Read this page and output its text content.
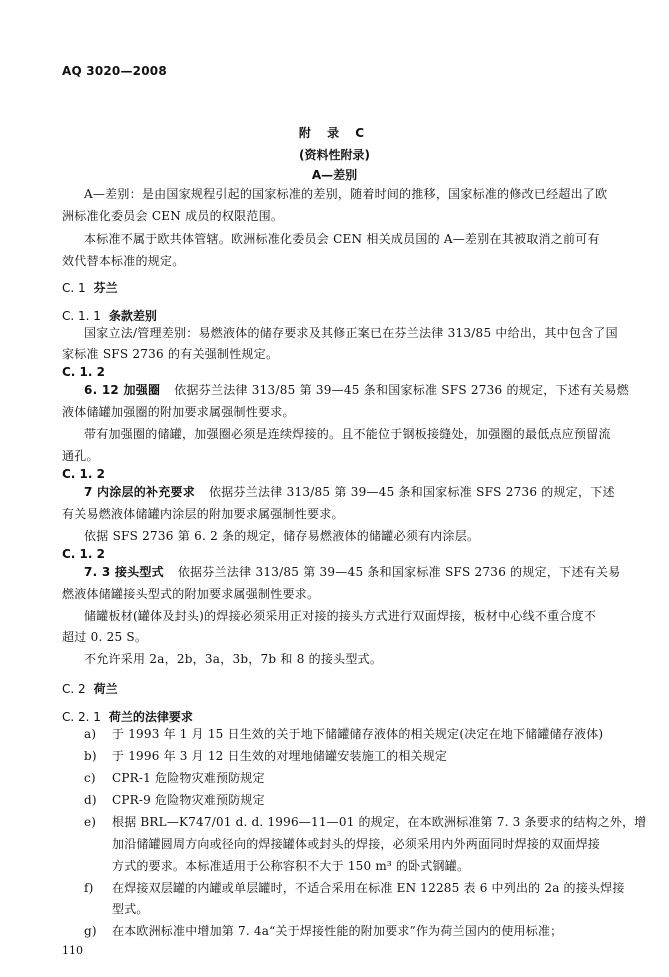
AQ 3020—2008
附 录 C
(资料性附录)
A—差别
A—差别：是由国家规程引起的国家标准的差别，随着时间的推移，国家标准的修改已经超出了欧
洲标准化委员会 CEN 成员的权限范围。
本标准不属于欧共体管辖。欧洲标准化委员会 CEN 相关成员国的 A—差别在其被取消之前可有
效代替本标准的规定。
C. 1 芬兰
C. 1. 1 条款差别
国家立法/管理差别：易燃液体的储存要求及其修正案已在芬兰法律 313/85 中给出，其中包含了国
家标准 SFS 2736 的有关强制性规定。
C. 1. 2
6. 12 加强圈 依据芬兰法律 313/85 第 39—45 条和国家标准 SFS 2736 的规定，下述有关易燃
液体储罐加强圈的附加要求属强制性要求。
带有加强圈的储罐，加强圈必须是连续焊接的。且不能位于钢板接缝处，加强圈的最低点应预留流
通孔。
C. 1. 2
7 内涂层的补充要求 依据芬兰法律 313/85 第 39—45 条和国家标准 SFS 2736 的规定，下述
有关易燃液体储罐内涂层的附加要求属强制性要求。
依据 SFS 2736 第 6. 2 条的规定，储存易燃液体的储罐必须有内涂层。
C. 1. 2
7. 3 接头型式 依据芬兰法律 313/85 第 39—45 条和国家标准 SFS 2736 的规定，下述有关易
燃液体储罐接头型式的附加要求属强制性要求。
储罐板材(罐体及封头)的焊接必须采用正对接的接头方式进行双面焊接，板材中心线不重合度不
超过 0. 25 S。
不允许采用 2a，2b，3a，3b，7b 和 8 的接头型式。
C. 2 荷兰
C. 2. 1 荷兰的法律要求
a) 于 1993 年 1 月 15 日生效的关于地下储罐储存液体的相关规定(决定在地下储罐储存液体)
b) 于 1996 年 3 月 12 日生效的对埋地储罐安装施工的相关规定
c) CPR-1 危险物灾难预防规定
d) CPR-9 危险物灾难预防规定
e) 根据 BRL—K747/01 d. d. 1996—11—01 的规定，在本欧洲标准第 7. 3 条要求的结构之外，增
加沿储罐圆周方向或径向的焊接罐体或封头的焊接，必须采用内外两面同时焊接的双面焊接
方式的要求。本标准适用于公称容积不大于 150 m³ 的卧式钢罐。
f) 在焊接双层罐的内罐或单层罐时，不适合采用在标准 EN 12285 表 6 中列出的 2a 的接头焊接
型式。
g) 在本欧洲标准中增加第 7. 4a“关于焊接性能的附加要求”作为荷兰国内的使用标准；
110
